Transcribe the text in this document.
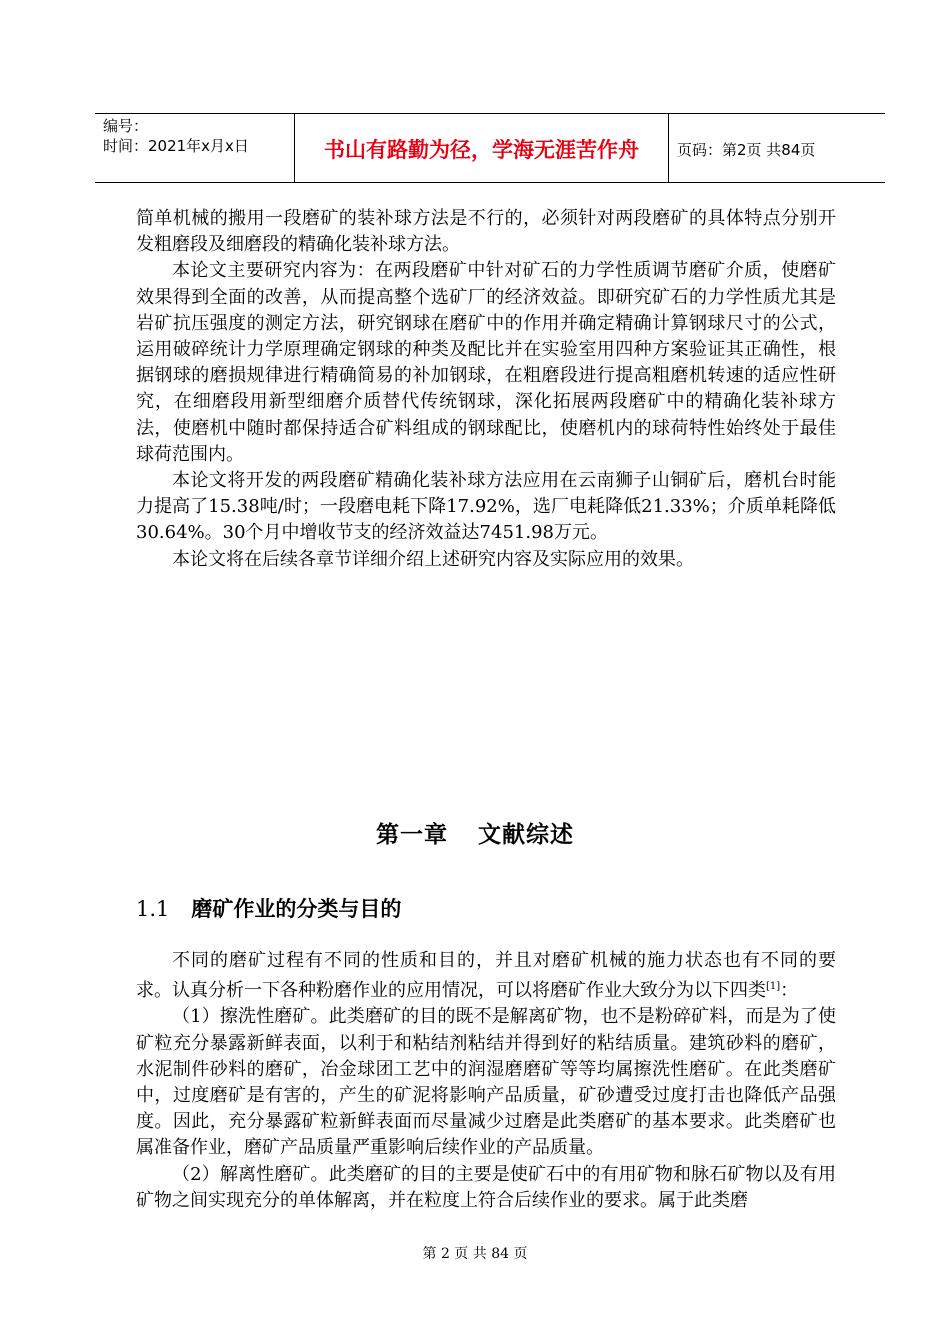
编号：
时间：2021年x月x日	书山有路勤为径，学海无涯苦作舟	页码：第2页 共84页

简单机械的搬用一段磨矿的装补球方法是不行的，必须针对两段磨矿的具体特点分别开发粗磨段及细磨段的精确化装补球方法。

本论文主要研究内容为：在两段磨矿中针对矿石的力学性质调节磨矿介质，使磨矿效果得到全面的改善，从而提高整个选矿厂的经济效益。即研究矿石的力学性质尤其是岩矿抗压强度的测定方法，研究钢球在磨矿中的作用并确定精确计算钢球尺寸的公式，运用破碎统计力学原理确定钢球的种类及配比并在实验室用四种方案验证其正确性，根据钢球的磨损规律进行精确简易的补加钢球，在粗磨段进行提高粗磨机转速的适应性研究，在细磨段用新型细磨介质替代传统钢球，深化拓展两段磨矿中的精确化装补球方法，使磨机中随时都保持适合矿料组成的钢球配比，使磨机内的球荷特性始终处于最佳球荷范围内。

本论文将开发的两段磨矿精确化装补球方法应用在云南狮子山铜矿后，磨机台时能力提高了15.38吨/时；一段磨电耗下降17.92%，选厂电耗降低21.33%；介质单耗降低30.64%。30个月中增收节支的经济效益达7451.98万元。

本论文将在后续各章节详细介绍上述研究内容及实际应用的效果。

第一章 文献综述
1.1 磨矿作业的分类与目的

不同的磨矿过程有不同的性质和目的，并且对磨矿机械的施力状态也有不同的要求。认真分析一下各种粉磨作业的应用情况，可以将磨矿作业大致分为以下四类[1]：

（1）擦洗性磨矿。此类磨矿的目的既不是解离矿物，也不是粉碎矿料，而是为了使矿粒充分暴露新鲜表面，以利于和粘结剂粘结并得到好的粘结质量。建筑砂料的磨矿，水泥制件砂料的磨矿，冶金球团工艺中的润湿磨磨矿等等均属擦洗性磨矿。在此类磨矿中，过度磨矿是有害的，产生的矿泥将影响产品质量，矿砂遭受过度打击也降低产品强度。因此，充分暴露矿粒新鲜表面而尽量减少过磨是此类磨矿的基本要求。此类磨矿也属准备作业，磨矿产品质量严重影响后续作业的产品质量。

（2）解离性磨矿。此类磨矿的目的主要是使矿石中的有用矿物和脉石矿物以及有用矿物之间实现充分的单体解离，并在粒度上符合后续作业的要求。属于此类磨

第 2 页 共 84 页
